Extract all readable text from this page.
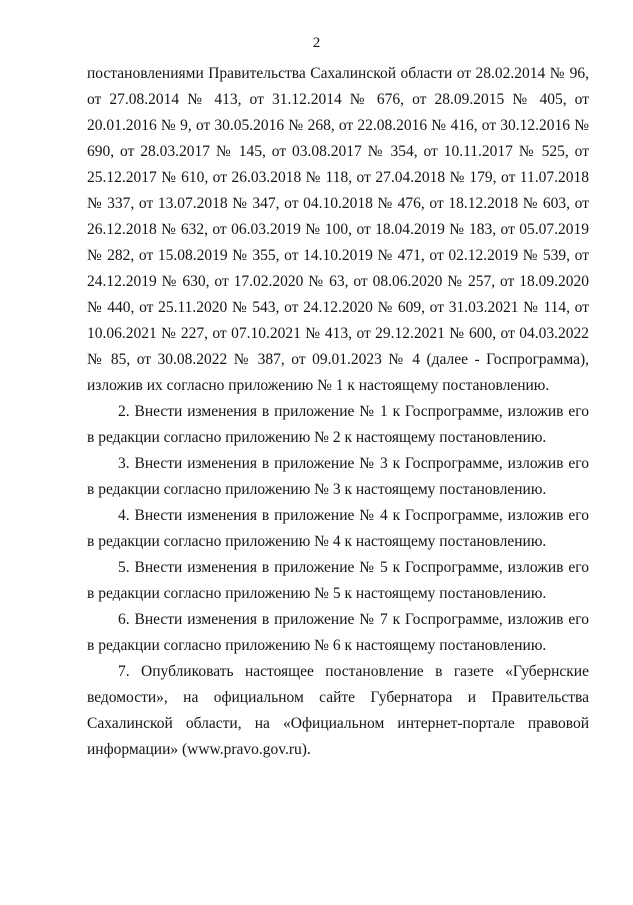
2

постановлениями Правительства Сахалинской области от 28.02.2014 № 96, от 27.08.2014 № 413, от 31.12.2014 № 676, от 28.09.2015 № 405, от 20.01.2016 № 9, от 30.05.2016 № 268, от 22.08.2016 № 416, от 30.12.2016 № 690, от 28.03.2017 № 145, от 03.08.2017 № 354, от 10.11.2017 № 525, от 25.12.2017 № 610, от 26.03.2018 № 118, от 27.04.2018 № 179, от 11.07.2018 № 337, от 13.07.2018 № 347, от 04.10.2018 № 476, от 18.12.2018 № 603, от 26.12.2018 № 632, от 06.03.2019 № 100, от 18.04.2019 № 183, от 05.07.2019 № 282, от 15.08.2019 № 355, от 14.10.2019 № 471, от 02.12.2019 № 539, от 24.12.2019 № 630, от 17.02.2020 № 63, от 08.06.2020 № 257, от 18.09.2020 № 440, от 25.11.2020 № 543, от 24.12.2020 № 609, от 31.03.2021 № 114, от 10.06.2021 № 227, от 07.10.2021 № 413, от 29.12.2021 № 600, от 04.03.2022 № 85, от 30.08.2022 № 387, от 09.01.2023 № 4 (далее - Госпрограмма), изложив их согласно приложению № 1 к настоящему постановлению.

2. Внести изменения в приложение № 1 к Госпрограмме, изложив его в редакции согласно приложению № 2 к настоящему постановлению.

3. Внести изменения в приложение № 3 к Госпрограмме, изложив его в редакции согласно приложению № 3 к настоящему постановлению.

4. Внести изменения в приложение № 4 к Госпрограмме, изложив его в редакции согласно приложению № 4 к настоящему постановлению.

5. Внести изменения в приложение № 5 к Госпрограмме, изложив его в редакции согласно приложению № 5 к настоящему постановлению.

6. Внести изменения в приложение № 7 к Госпрограмме, изложив его в редакции согласно приложению № 6 к настоящему постановлению.

7. Опубликовать настоящее постановление в газете «Губернские ведомости», на официальном сайте Губернатора и Правительства Сахалинской области, на «Официальном интернет-портале правовой информации» (www.pravo.gov.ru).
